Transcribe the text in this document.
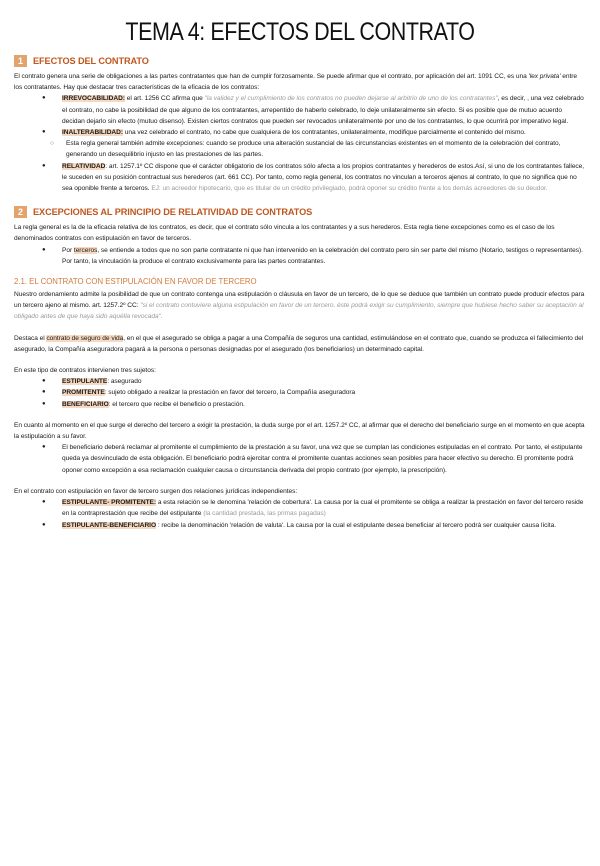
TEMA 4: EFECTOS DEL CONTRATO
1	EFECTOS DEL CONTRATO

El contrato genera una serie de obligaciones a las partes contratantes que han de cumplir forzosamente. Se puede afirmar que el contrato, por aplicación del art. 1091 CC, es una 'lex privata' entre los contratantes. Hay que destacar tres características de la eficacia de los contratos:

● IRREVOCABILIDAD: el art. 1256 CC afirma que "la validez y el cumplimiento de los contratos no pueden dejarse al arbitrio de uno de los contratantes", es decir, , una vez celebrado el contrato, no cabe la posibilidad de que alguno de los contratantes, arrepentido de haberlo celebrado, lo deje unilateralmente sin efecto. Si es posible que de mutuo acuerdo decidan dejarlo sin efecto (mutuo disenso). Existen ciertos contratos que pueden ser revocados unilateralmente por uno de los contratantes, lo que ocurrirá por imperativo legal.
● INALTERABILIDAD: una vez celebrado el contrato, no cabe que cualquiera de los contratantes, unilateralmente, modifique parcialmente el contenido del mismo.
○ Esta regla general también admite excepciones: cuando se produce una alteración sustancial de las circunstancias existentes en el momento de la celebración del contrato, generando un desequilibrio injusto en las prestaciones de las partes.
● RELATIVIDAD: art. 1257.1º CC dispone que el carácter obligatorio de los contratos sólo afecta a los propios contratantes y herederos de estos.Así, si uno de los contratantes fallece, le suceden en su posición contractual sus herederos (art. 661 CC). Por tanto, como regla general, los contratos no vinculan a terceros ajenos al contrato, lo que no significa que no sea oponible frente a terceros. EJ: un acreedor hipotecario, que es titular de un crédito privilegiado, podrá oponer su crédito frente a los demás acreedores de su deudor.
2	EXCEPCIONES AL PRINCIPIO DE RELATIVIDAD DE CONTRATOS

La regla general es la de la eficacia relativa de los contratos, es decir, que el contrato sólo vincula a los contratantes y a sus herederos. Esta regla tiene excepciones como es el caso de los denominados contratos con estipulación en favor de terceros.

● Por terceros, se entiende a todos que no son parte contratante ni que han intervenido en la celebración del contrato pero sin ser parte del mismo (Notario, testigos o representantes). Por tanto, la vinculación la produce el contrato exclusivamente para las partes contratantes.
2.1. EL CONTRATO CON ESTIPULACIÓN EN FAVOR DE TERCERO

Nuestro ordenamiento admite la posibilidad de que un contrato contenga una estipulación o cláusula en favor de un tercero, de lo que se deduce que también un contrato puede producir efectos para un tercero ajeno al mismo. art. 1257.2º CC: "si el contrato contuviere alguna estipulación en favor de un tercero, éste podrá exigir su cumplimiento, siempre que hubiese hecho saber su aceptación al obligado antes de que haya sido aquélla revocada".

Destaca el contrato de seguro de vida, en el que el asegurado se obliga a pagar a una Compañía de seguros una cantidad, estimulándose en el contrato que, cuando se produzca el fallecimiento del asegurado, la Compañía aseguradora pagará a la persona o personas designadas por el asegurado (los beneficiarios) un determinado capital.

En este tipo de contratos intervienen tres sujetos:

● ESTIPULANTE: asegurado
● PROMITENTE: sujeto obligado a realizar la prestación en favor del tercero, la Compañía aseguradora
● BENEFICIARIO: el tercero que recibe el beneficio o prestación.

En cuanto al momento en el que surge el derecho del tercero a exigir la prestación, la duda surge por el art. 1257.2º CC, al afirmar que el derecho del beneficiario surge en el momento en que acepta la estipulación a su favor.

● El beneficiario deberá reclamar al promitente el cumplimiento de la prestación a su favor, una vez que se cumplan las condiciones estipuladas en el contrato. Por tanto, el estipulante queda ya desvinculado de esta obligación. El beneficiario podrá ejercitar contra el promitente cuantas acciones sean posibles para hacer efectivo su derecho. El promitente podrá oponer como excepción a esa reclamación cualquier causa o circunstancia derivada del propio contrato (por ejemplo, la prescripción).

En el contrato con estipulación en favor de tercero surgen dos relaciones jurídicas independientes:

● ESTIPULANTE- PROMITENTE: a esta relación se le denomina 'relación de cobertura'. La causa por la cual el promitente se obliga a realizar la prestación en favor del tercero reside en la contraprestación que recibe del estipulante (la cantidad prestada, las primas pagadas)
● ESTIPULANTE-BENEFICIARIO : recibe la denominación 'relación de valuta'. La causa por la cual el estipulante desea beneficiar al tercero podrá ser cualquier causa lícita.
